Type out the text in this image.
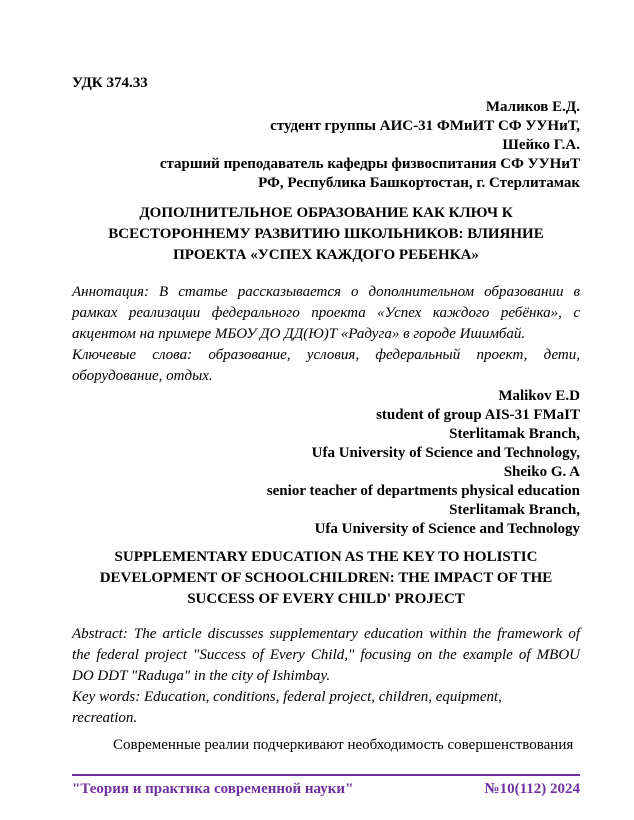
УДК 374.33
Маликов Е.Д.
студент группы АИС-31 ФМиИТ СФ УУНиТ,
Шейко Г.А.
старший преподаватель кафедры физвоспитания СФ УУНиТ
РФ, Республика Башкортостан, г. Стерлитамак
ДОПОЛНИТЕЛЬНОЕ ОБРАЗОВАНИЕ КАК КЛЮЧ К
ВСЕСТОРОННЕМУ РАЗВИТИЮ ШКОЛЬНИКОВ: ВЛИЯНИЕ
ПРОЕКТА «УСПЕХ КАЖДОГО РЕБЕНКА»
Аннотация: В статье рассказывается о дополнительном образовании в
рамках реализации федерального проекта «Успех каждого ребёнка», с
акцентом на примере МБОУ ДО ДД(Ю)Т «Радуга» в городе Ишимбай.
Ключевые слова: образование, условия, федеральный проект, дети,
оборудование, отдых.
Malikov E.D
student of group AIS-31 FMaIT
Sterlitamak Branch,
Ufa University of Science and Technology,
Sheiko G. A
senior teacher of departments physical education
Sterlitamak Branch,
Ufa University of Science and Technology
SUPPLEMENTARY EDUCATION AS THE KEY TO HOLISTIC
DEVELOPMENT OF SCHOOLCHILDREN: THE IMPACT OF THE
SUCCESS OF EVERY CHILD' PROJECT
Abstract: The article discusses supplementary education within the framework of
the federal project "Success of Every Child," focusing on the example of MBOU
DO DDT "Raduga" in the city of Ishimbay.
Key words: Education, conditions, federal project, children, equipment,
recreation.
Современные реалии подчеркивают необходимость совершенствования
"Теория и практика современной науки"	№10(112) 2024
